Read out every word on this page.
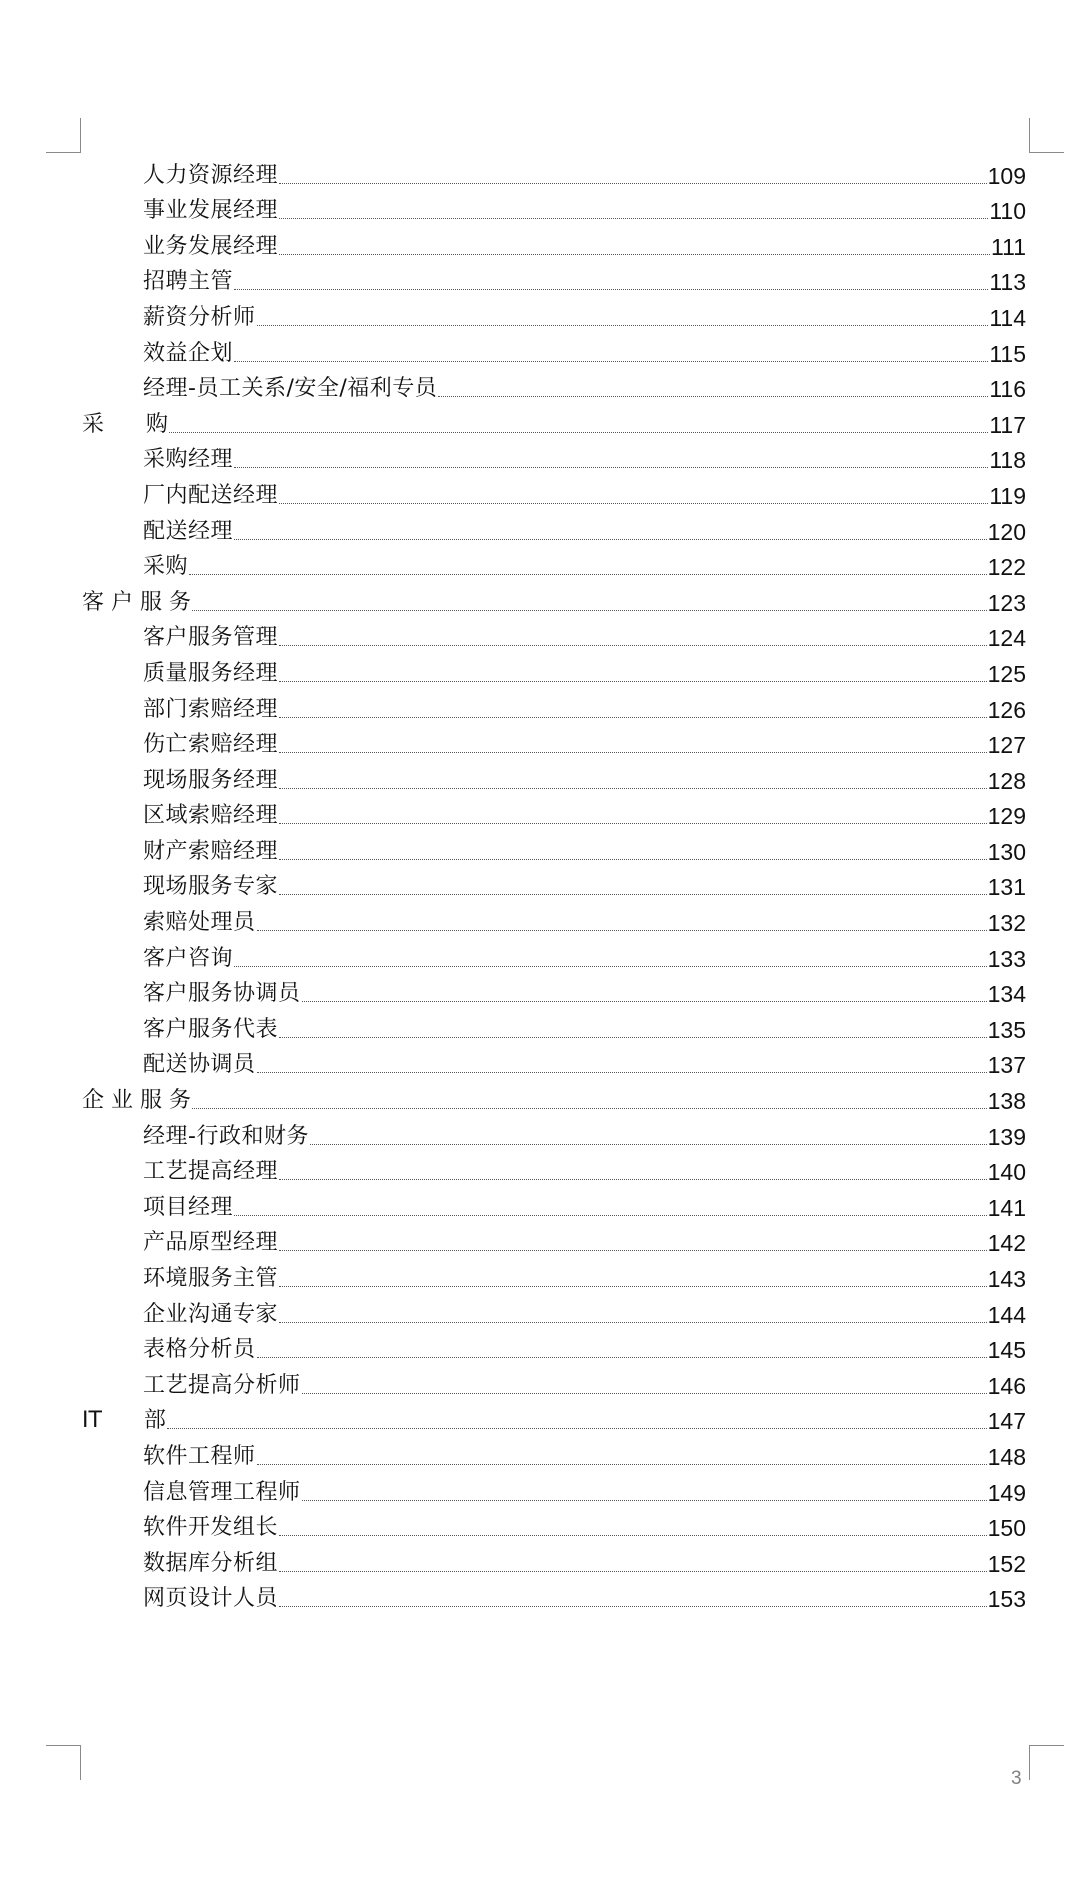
人力资源经理	109
事业发展经理	110
业务发展经理	111
招聘主管	113
薪资分析师	114
效益企划	115
经理-员工关系/安全/福利专员	116
采      购	117
采购经理	118
厂内配送经理	119
配送经理	120
采购	122
客 户 服 务	123
客户服务管理	124
质量服务经理	125
部门索赔经理	126
伤亡索赔经理	127
现场服务经理	128
区域索赔经理	129
财产索赔经理	130
现场服务专家	131
索赔处理员	132
客户咨询	133
客户服务协调员	134
客户服务代表	135
配送协调员	137
企 业 服 务	138
经理-行政和财务	139
工艺提高经理	140
项目经理	141
产品原型经理	142
环境服务主管	143
企业沟通专家	144
表格分析员	145
工艺提高分析师	146
IT      部	147
软件工程师	148
信息管理工程师	149
软件开发组长	150
数据库分析组	152
网页设计人员	153
3
